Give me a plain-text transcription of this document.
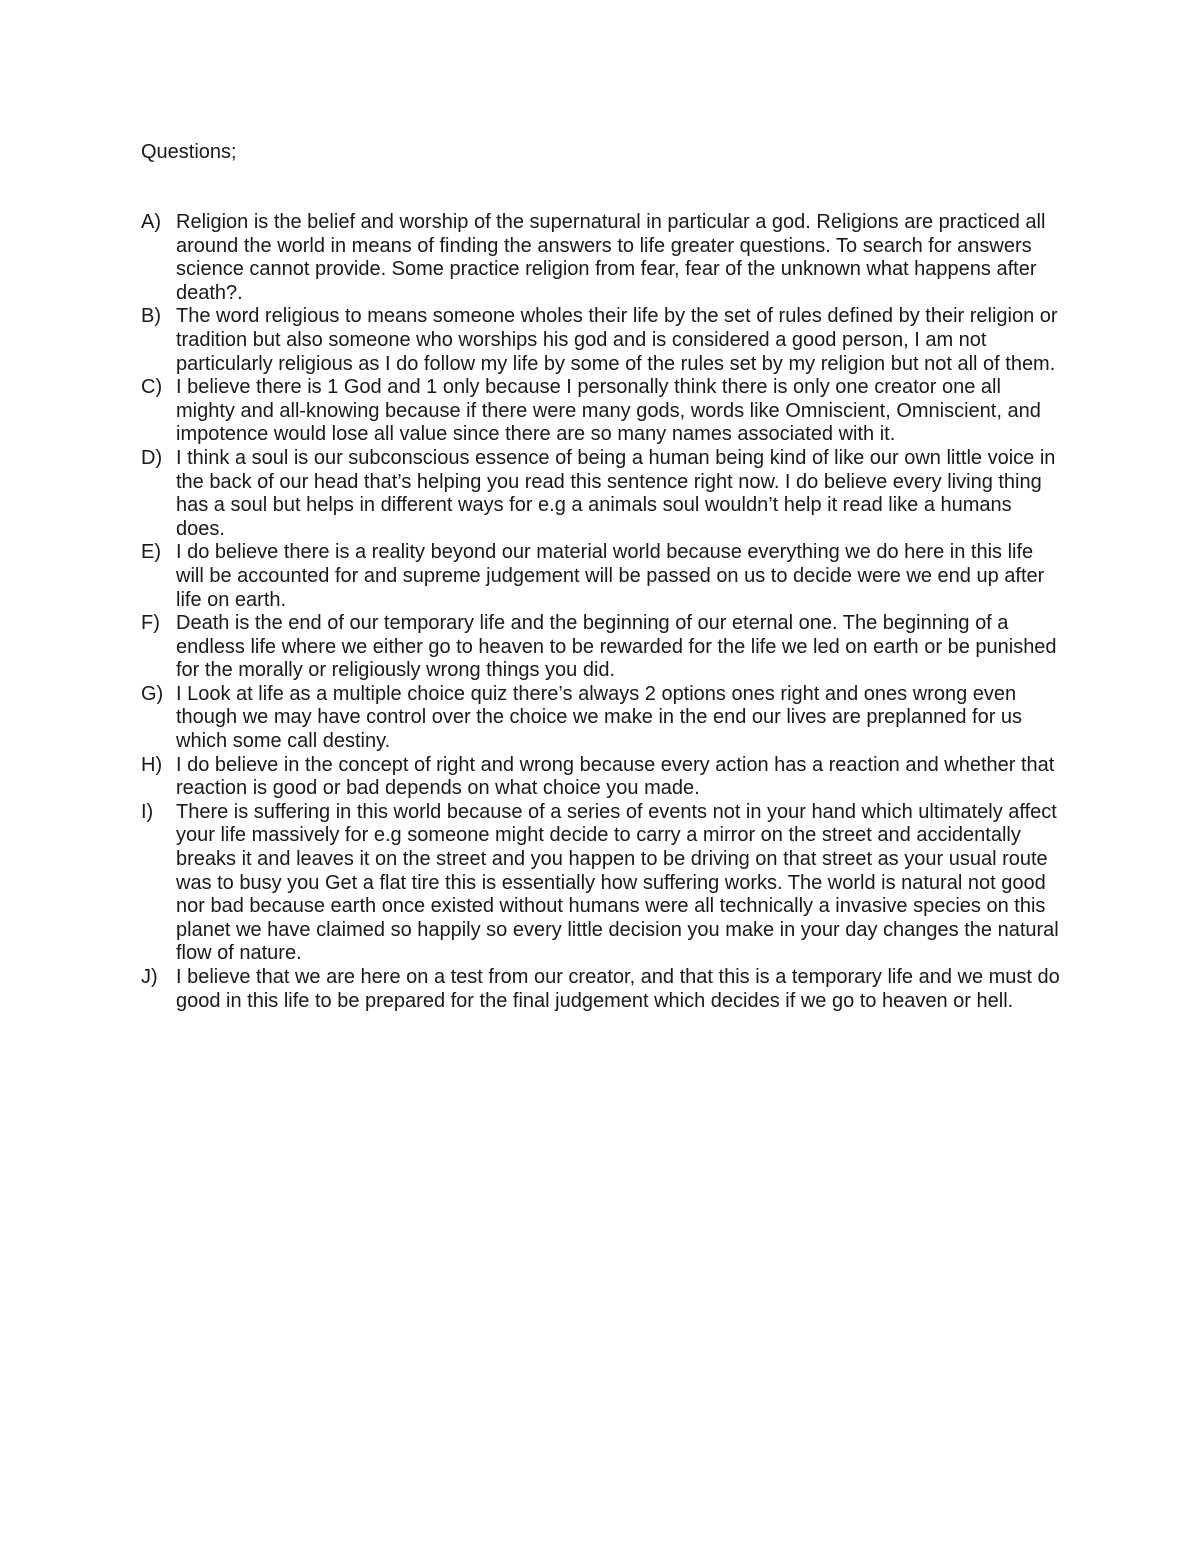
Questions;
A) Religion is the belief and worship of the supernatural in particular a god. Religions are practiced all around the world in means of finding the answers to life greater questions. To search for answers science cannot provide. Some practice religion from fear, fear of the unknown what happens after death?.
B) The word religious to means someone wholes their life by the set of rules defined by their religion or tradition but also someone who worships his god and is considered a good person, I am not particularly religious as I do follow my life by some of the rules set by my religion but not all of them.
C) I believe there is 1 God and 1 only because I personally think there is only one creator one all mighty and all-knowing because if there were many gods, words like Omniscient, Omniscient, and impotence would lose all value since there are so many names associated with it.
D) I think a soul is our subconscious essence of being a human being kind of like our own little voice in the back of our head that’s helping you read this sentence right now. I do believe every living thing has a soul but helps in different ways for e.g a animals soul wouldn’t help it read like a humans does.
E) I do believe there is a reality beyond our material world because everything we do here in this life will be accounted for and supreme judgement will be passed on us to decide were we end up after life on earth.
F) Death is the end of our temporary life and the beginning of our eternal one. The beginning of a endless life where we either go to heaven to be rewarded for the life we led on earth or be punished for the morally or religiously wrong things you did.
G) I Look at life as a multiple choice quiz there’s always 2 options ones right and ones wrong even though we may have control over the choice we make in the end our lives are preplanned for us which some call destiny.
H) I do believe in the concept of right and wrong because every action has a reaction and whether that reaction is good or bad depends on what choice you made.
I)	There is suffering in this world because of a series of events not in your hand which ultimately affect your life massively for e.g someone might decide to carry a mirror on the street and accidentally breaks it and leaves it on the street and you happen to be driving on that street as your usual route was to busy you Get a flat tire this is essentially how suffering works. The world is natural not good nor bad because earth once existed without humans were all technically a invasive species on this planet we have claimed so happily so every little decision you make in your day changes the natural flow of nature.
J) I believe that we are here on a test from our creator, and that this is a temporary life and we must do good in this life to be prepared for the final judgement which decides if we go to heaven or hell.
